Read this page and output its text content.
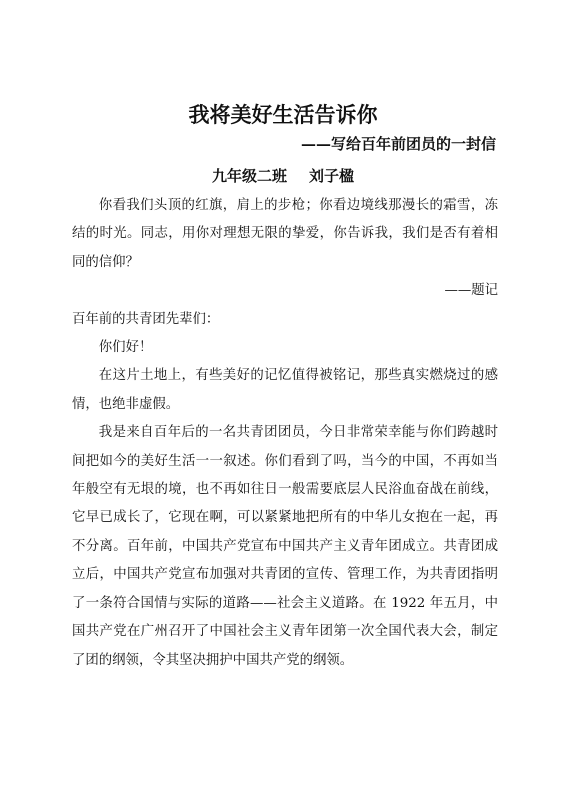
我将美好生活告诉你
——写给百年前团员的一封信
九年级二班 刘子楹

你看我们头顶的红旗，肩上的步枪；你看边境线那漫长的霜雪，冻结的时光。同志，用你对理想无限的挚爱，你告诉我，我们是否有着相同的信仰？

——题记

百年前的共青团先辈们：

你们好！

在这片土地上，有些美好的记忆值得被铭记，那些真实燃烧过的感情，也绝非虚假。

我是来自百年后的一名共青团团员，今日非常荣幸能与你们跨越时间把如今的美好生活一一叙述。你们看到了吗，当今的中国，不再如当年般空有无垠的境，也不再如往日一般需要底层人民浴血奋战在前线，它早已成长了，它现在啊，可以紧紧地把所有的中华儿女抱在一起，再不分离。百年前，中国共产党宣布中国共产主义青年团成立。共青团成立后，中国共产党宣布加强对共青团的宣传、管理工作，为共青团指明了一条符合国情与实际的道路——社会主义道路。在 1922 年五月，中国共产党在广州召开了中国社会主义青年团第一次全国代表大会，制定了团的纲领，令其坚决拥护中国共产党的纲领。
